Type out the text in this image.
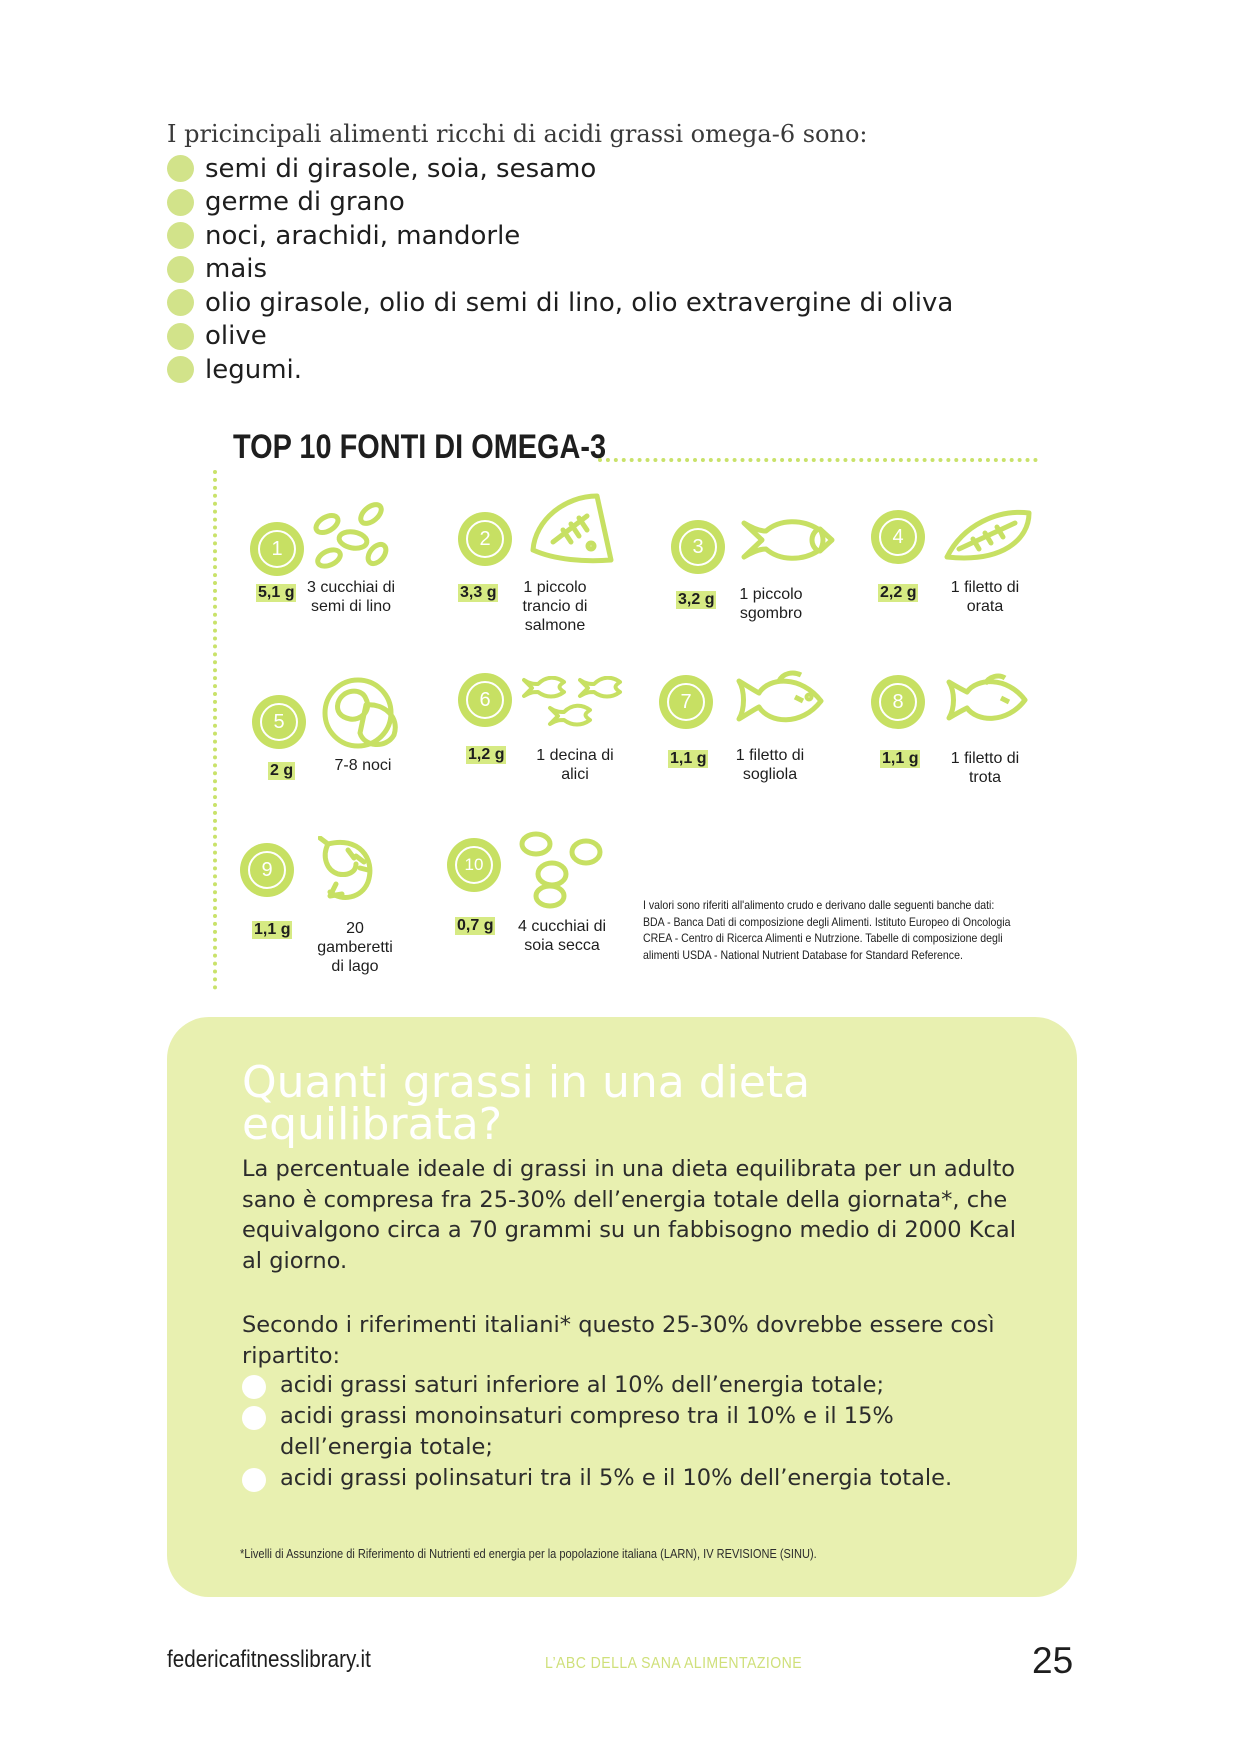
I pricincipali alimenti ricchi di acidi grassi omega-6 sono:
semi di girasole, soia, sesamo
germe di grano
noci, arachidi, mandorle
mais
olio girasole, olio di semi di lino, olio extravergine di oliva
olive
legumi.
TOP 10 FONTI DI OMEGA-3
1
5,1 g 3 cucchiai di
semi di lino
2
3,3 g	1 piccolo
trancio di
salmone
3
3,2 g	1 piccolo
sgombro
4
2,2 g	1 filetto di
orata
5
2 g	7-8 noci
6
1,2 g	1 decina di
alici
7
1,1 g	1 filetto di
sogliola
8
1,1 g	1 filetto di
trota
9
1,1 g	20
gamberetti
di lago
10
0,7 g	4 cucchiai di
soia secca
I valori sono riferiti all'alimento crudo e derivano dalle seguenti banche dati:
BDA - Banca Dati di composizione degli Alimenti. Istituto Europeo di Oncologia
CREA - Centro di Ricerca Alimenti e Nutrzione. Tabelle di composizione degli
alimenti USDA - National Nutrient Database for Standard Reference.
Quanti grassi in una dieta equilibrata?
La percentuale ideale di grassi in una dieta equilibrata per un adulto sano è compresa fra 25-30% dell’energia totale della giornata*, che equivalgono circa a 70 grammi su un fabbisogno medio di 2000 Kcal al giorno.
Secondo i riferimenti italiani* questo 25-30% dovrebbe essere così ripartito:
acidi grassi saturi inferiore al 10% dell’energia totale;
acidi grassi monoinsaturi compreso tra il 10% e il 15% dell’energia totale;
acidi grassi polinsaturi tra il 5% e il 10% dell’energia totale.
*Livelli di Assunzione di Riferimento di Nutrienti ed energia per la popolazione italiana (LARN), IV REVISIONE (SINU).
federicafitnesslibrary.it	L’ABC DELLA SANA ALIMENTAZIONE	25
